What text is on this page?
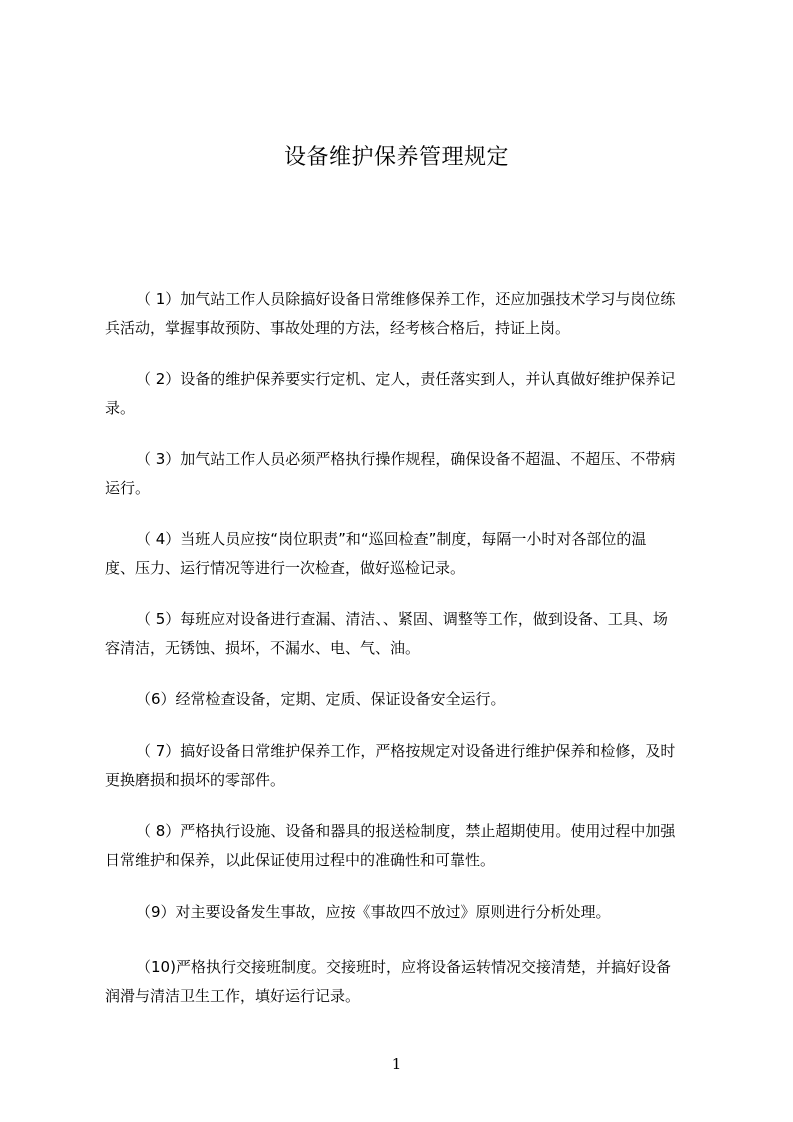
设备维护保养管理规定
（ 1）加气站工作人员除搞好设备日常维修保养工作，还应加强技术学习与岗位练
兵活动，掌握事故预防、事故处理的方法，经考核合格后，持证上岗。
（ 2）设备的维护保养要实行定机、定人，责任落实到人，并认真做好维护保养记
录。
（ 3）加气站工作人员必须严格执行操作规程，确保设备不超温、不超压、不带病
运行。
（ 4）当班人员应按“岗位职责”和“巡回检查”制度，每隔一小时对各部位的温
度、压力、运行情况等进行一次检查，做好巡检记录。
（ 5）每班应对设备进行查漏、清洁、、紧固、调整等工作，做到设备、工具、场
容清洁，无锈蚀、损坏，不漏水、电、气、油。
（6）经常检查设备，定期、定质、保证设备安全运行。
（ 7）搞好设备日常维护保养工作，严格按规定对设备进行维护保养和检修，及时
更换磨损和损坏的零部件。
（ 8）严格执行设施、设备和器具的报送检制度，禁止超期使用。使用过程中加强
日常维护和保养，以此保证使用过程中的准确性和可靠性。
（9）对主要设备发生事故，应按《事故四不放过》原则进行分析处理。
（10)严格执行交接班制度。交接班时，应将设备运转情况交接清楚，并搞好设备
润滑与清洁卫生工作，填好运行记录。
1
